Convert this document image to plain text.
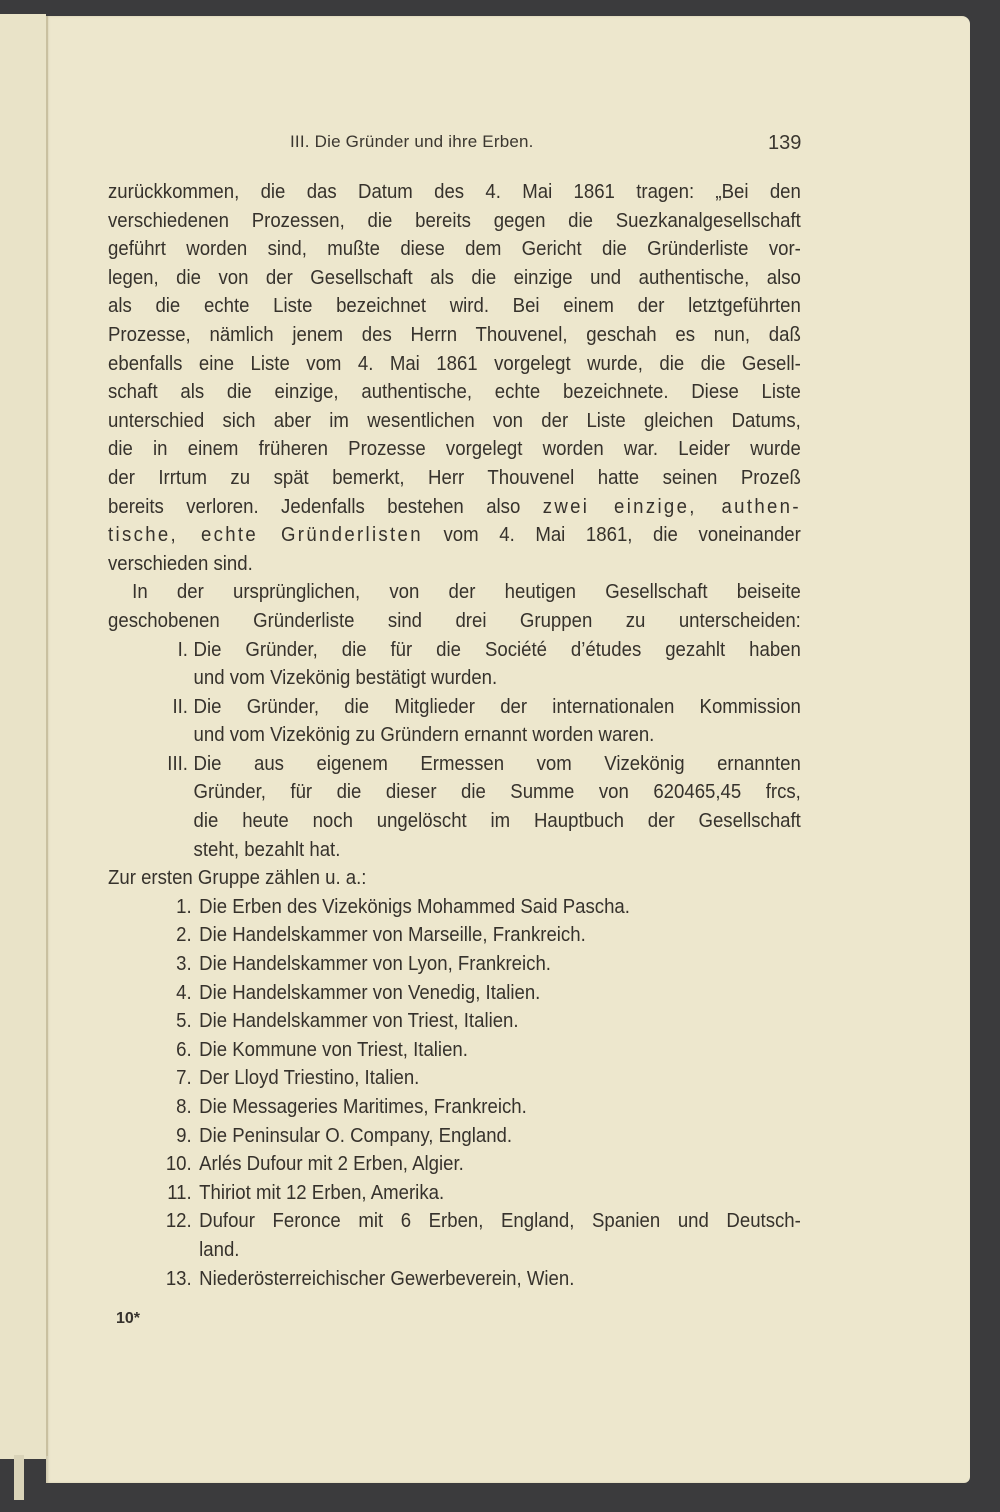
III. Die Gründer und ihre Erben.	139
zurückkommen, die das Datum des 4. Mai 1861 tragen: „Bei den
verschiedenen Prozessen, die bereits gegen die Suezkanalgesellschaft
geführt worden sind, mußte diese dem Gericht die Gründerliste vor-
legen, die von der Gesellschaft als die einzige und authentische, also
als die echte Liste bezeichnet wird. Bei einem der letztgeführten
Prozesse, nämlich jenem des Herrn Thouvenel, geschah es nun, daß
ebenfalls eine Liste vom 4. Mai 1861 vorgelegt wurde, die die Gesell-
schaft als die einzige, authentische, echte bezeichnete. Diese Liste
unterschied sich aber im wesentlichen von der Liste gleichen Datums,
die in einem früheren Prozesse vorgelegt worden war. Leider wurde
der Irrtum zu spät bemerkt, Herr Thouvenel hatte seinen Prozeß
bereits verloren. Jedenfalls bestehen also zwei einzige, authen-
tische, echte Gründerlisten vom 4. Mai 1861, die voneinander
verschieden sind.
In der ursprünglichen, von der heutigen Gesellschaft beiseite
geschobenen Gründerliste sind drei Gruppen zu unterscheiden:
I. Die Gründer, die für die Société d’études gezahlt haben
und vom Vizekönig bestätigt wurden.
II. Die Gründer, die Mitglieder der internationalen Kommission
und vom Vizekönig zu Gründern ernannt worden waren.
III. Die aus eigenem Ermessen vom Vizekönig ernannten
Gründer, für die dieser die Summe von 620465,45 frcs,
die heute noch ungelöscht im Hauptbuch der Gesellschaft
steht, bezahlt hat.
Zur ersten Gruppe zählen u. a.:
1. Die Erben des Vizekönigs Mohammed Said Pascha.
2. Die Handelskammer von Marseille, Frankreich.
3. Die Handelskammer von Lyon, Frankreich.
4. Die Handelskammer von Venedig, Italien.
5. Die Handelskammer von Triest, Italien.
6. Die Kommune von Triest, Italien.
7. Der Lloyd Triestino, Italien.
8. Die Messageries Maritimes, Frankreich.
9. Die Peninsular O. Company, England.
10. Arlés Dufour mit 2 Erben, Algier.
11. Thiriot mit 12 Erben, Amerika.
12. Dufour Feronce mit 6 Erben, England, Spanien und Deutsch-
land.
13. Niederösterreichischer Gewerbeverein, Wien.
10*
